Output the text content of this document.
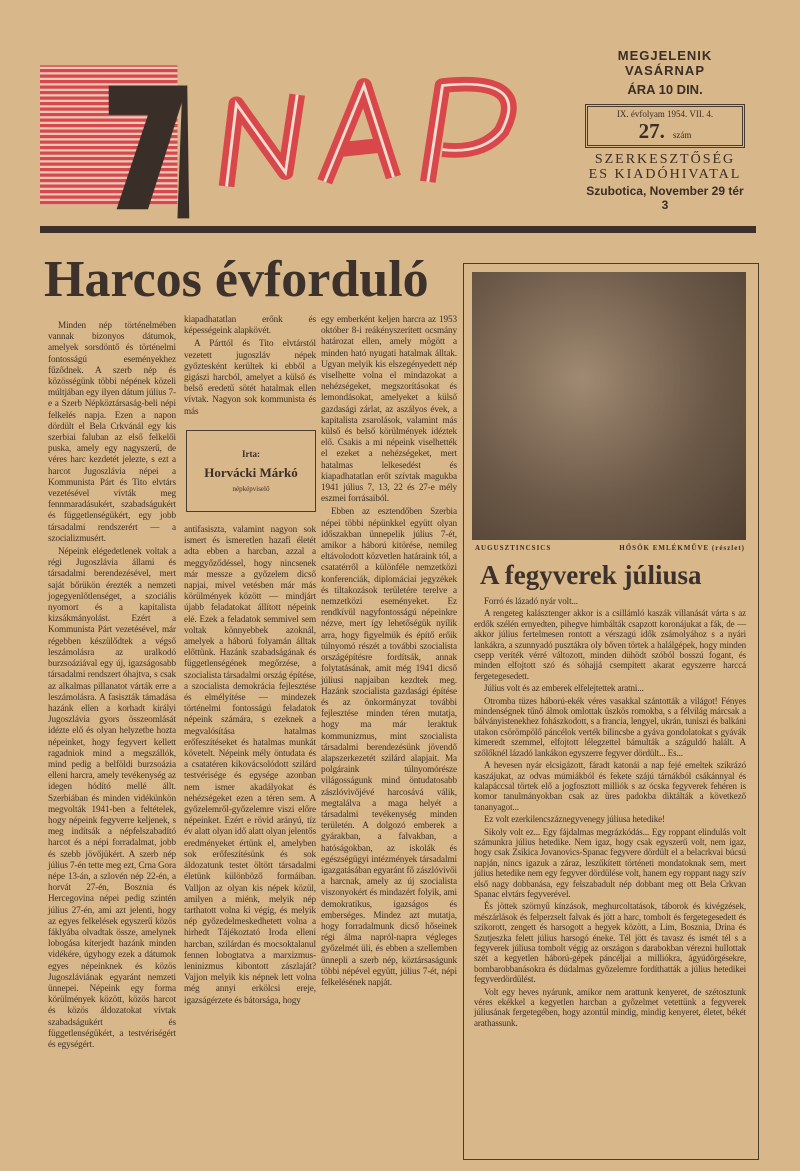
MEGJELENIK VASÁRNAP
ÁRA 10 DIN.
IX. évfolyam 1954. VII. 4.
27. szám
SZERKESZTŐSÉG
ES KIADÓHIVATAL
Szubotica, November 29 tér 3
Harcos évforduló

Minden nép történelmében vannak bizonyos dátumok, amelyek sorsdöntő és történelmi fontosságú eseményekhez fűződnek. A szerb nép és közösségünk többi népének közeli múltjában egy ilyen dátum július 7-e a Szerb Népköztársaság-beli népi felkelés napja. Ezen a napon dördült el Bela Crkvánál egy kis szerbiai faluban az első felkelői puska, amely egy nagyszerű, de véres harc kezdetét jelezte, s ezt a harcot Jugoszlávia népei a Kommunista Párt és Tito elvtárs vezetésével vívták meg fennmaradásukért, szabadságukért és függetlenségükért, egy jobb társadalmi rendszerért — a szocializmusért.

Népeink elégedetlenek voltak a régi Jugoszlávia állami és társadalmi berendezésével, mert saját bőrükön érezték a nemzeti jogegyenlőtlenséget, a szociális nyomort és a kapitalista kizsákmányolást. Ezért a Kommunista Párt vezetésével, már régebben készülődtek a végső leszámolásra az uralkodó burzsoáziával egy új, igazságosabb társadalmi rendszert óhajtva, s csak az alkalmas pillanatot várták erre a leszámolásra. A fasiszták támadása hazánk ellen a korhadt királyi Jugoszlávia gyors összeomlását idézte elő és olyan helyzetbe hozta népeinket, hogy fegyvert kellett ragadniok mind a megszállók, mind pedig a belföldi burzsoázia elleni harcra, amely tevékenység az idegen hódító mellé állt. Szerbiában és minden vidékünkön megvolták 1941-ben a feltételek, hogy népeink fegyverre keljenek, s meg indítsák a népfelszabadító harcot és a népi forradalmat, jobb és szebb jövőjükért. A szerb nép július 7-én tette meg ezt, Crna Gora népe 13-án, a szlovén nép 22-én, a horvát 27-én, Bosznia és Hercegovina népei pedig szintén július 27-én, ami azt jelenti, hogy az egyes felkelések egyszerű közös fáklyába olvadtak össze, amelynek lobogása kiterjedt hazánk minden vidékére, úgyhogy ezek a dátumok egyes népeinknek és közös Jugoszláviának egyaránt nemzeti ünnepei. Népeink egy forma körülmények között, közös harcot és közös áldozatokat vívtak szabadságukért és függetlenségükért, a testvériségért és egységért.

kiapadhatatlan erőnk és képességeink alapkövét.

A Párttól és Tito elvtárstól vezetett jugoszláv népek győztesként kerültek ki ebből a gigászi harcból, amelyet a külső és belső eredetű sötét hatalmak ellen vívtak. Nagyon sok kommunista és más

Irta:
Horvácki Márkó
népképviselő

antifasiszta, valamint nagyon sok ismert és ismeretlen hazafi életét adta ebben a harcban, azzal a meggyőződéssel, hogy nincsenek már messze a győzelem dicső napjai, mivel vetésben már más körülmények között — mindjárt újabb feladatokat állított népeink elé. Ezek a feladatok semmivel sem voltak könnyebbek azoknál, amelyek a háború folyamán álltak előttünk. Hazánk szabadságának és függetlenségének megőrzése, a szocialista társadalmi ország építése, a szocialista demokrácia fejlesztése és elmélyítése — mindezek történelmi fontosságú feladatok népeink számára, s ezeknek a megvalósítása hatalmas erőfeszítéseket és hatalmas munkát követelt. Népeink mély öntudata és a csatatéren kikovácsolódott szilárd testvérisége és egysége azonban nem ismer akadályokat és nehézségeket ezen a téren sem. A győzelemről-győzelemre viszi előre népeinket. Ezért e rövid arányú, tíz év alatt olyan idő alatt olyan jelentős eredményeket értünk el, amelyben sok erőfeszítésünk és sok áldozatunk testet öltött társadalmi életünk különböző formáiban. Valljon az olyan kis népek közül, amilyen a miénk, melyik nép tarthatott volna ki végig, és melyik nép győzedelmeskedhetett volna a hirhedt Tájékoztató Iroda elleni harcban, szilárdan és mocsoktalanul fennen lobogtatva a marxizmus-leninizmus kibontott zászlaját? Vajjon melyik kis népnek lett volna még annyi erkölcsi ereje, igazságérzete és bátorsága, hogy

egy emberként keljen harcra az 1953 október 8-i reákényszerített ocsmány határozat ellen, amely mögött a minden ható nyugati hatalmak álltak. Ugyan melyik kis elszegényedett nép viselhette volna el mindazokat a nehézségeket, megszorításokat és lemondásokat, amelyeket a külső gazdasági zárlat, az aszályos évek, a kapitalista zsarolások, valamint más külső és belső körülmények idéztek elő. Csakis a mi népeink viselhették el ezeket a nehézségeket, mert hatalmas lelkesedést és kiapadhatatlan erőt szívtak magukba 1941 július 7, 13, 22 és 27-e mély eszmei forrásaiból.

Ebben az esztendőben Szerbia népei többi népünkkel együtt olyan időszakban ünnepelik július 7-ét, amikor a háború kitörése, nemileg eltávolodott közvetlen határaink tól, a csatatérről a különféle nemzetközi konferenciák, diplomáciai jegyzékek és tiltakozások területére terelve a nemzetközi eseményeket. Ez rendkívül nagyfontosságú népeinkre nézve, mert így lehetőségük nyílik arra, hogy figyelmük és építő erőik túlnyomó részét a további szocialista országépítésre fordítsák, annak folytatásának, amit még 1941 dicső júliusi napjaiban kezdtek meg. Hazánk szocialista gazdasági építése és az önkormányzat további fejlesztése minden téren mutatja, hogy ma már leraktuk kommunizmus, mint szocialista társadalmi berendezésünk jövendő alapszerkezetét szilárd alapjait. Ma polgáraink túlnyomórésze világosságunk mind öntudatosabb zászlóvivőjévé harcosává válik, megtalálva a maga helyét a társadalmi tevékenység minden területén. A dolgozó emberek a gyárakban, a falvakban, a hatóságokban, az iskolák és egészségügyi intézmények társadalmi igazgatásában egyaránt fő zászlóvivői a harcnak, amely az új szocialista viszonyokért és mindazért folyik, ami demokratikus, igazságos és emberséges. Mindez azt mutatja, hogy forradalmunk dicső hőseinek régi álma napról-napra végleges győzelmét üli, és ebben a szellemben ünnepli a szerb nép, köztársaságunk többi népével együtt, július 7-ét, népi felkelésének napját.

AUGUSZTINCSICS	HŐSÖK EMLÉKMŰVE (részlet)
A fegyverek júliusa

Forró és lázadó nyár volt...

A rengeteg kalásztenger akkor is a csillámló kaszák villanását várta s az erdők szélén ernyedten, pihegve himbálták csapzott koronájukat a fák, de — akkor július fertelmesen rontott a vérszagú idők zsámolyához s a nyári lankákra, a szunnyadó pusztákra oly bőven törtek a halálgépek, hogy minden csepp veríték vérré változott, minden dühödt szóból bosszú fogant, és minden elfojtott szó és sóhajjá csempített akarat egyszerre harccá fergetegesedett.

Július volt és az emberek elfelejtettek aratni...

Otromba tüzes háború-ekék véres vasakkal szántották a világot! Fényes mindenségnek tűnő álmok omlottak üszkös romokba, s a félvilág márcsak a bálványistenekhez fohászkodott, s a francia, lengyel, ukrán, tuniszi és balkáni utakon csörömpölő páncélok verték bilincsbe a gyáva gondolatokat s gyávák kimeredt szemmel, elfojtott lélegzettel bámulták a száguldó halált. A szőlőknél lázadó lankákon egyszerre fegyver dördült... Es...

A hevesen nyár elcsigázott, fáradt katonái a nap fejé emeltek szikrázó kaszájukat, az odvas múmiákból és fekete szájú tárnákból csákánnyal és kalapáccsal törtek elő a jogfosztott milliók s az ócska fegyverek fehéren is komor tanulmányokban csak az üres padokba diktálták a következő tananyagot...

Ez volt ezerkilencszáznegyvenegy júliusa hetedike!

Sikoly volt ez... Egy fájdalmas megrázkódás... Egy roppant elindulás volt számunkra július hetedike. Nem igaz, hogy csak egyszerű volt, nem igaz, hogy csak Zsikica Jovanovics-Spanac fegyvere dördült el a belacrkvai búcsú napján, nincs igazuk a záraz, leszűkített történeti mondatoknak sem, mert július hetedike nem egy fegyver dördülése volt, hanem egy roppant nagy szív első nagy dobbanása, egy felszabadult nép dobbant meg ott Bela Crkvan Spanac elvtárs fegyverével.

És jöttek szörnyű kínzások, meghurcoltatások, táborok és kivégzések, mészárlások és felperzselt falvak és jött a harc, tombolt és fergetegesedett és szikorott, zengett és harsogott a hegyek között, a Lim, Bosznia, Drina és Szutjeszka felett július harsogó éneke. Tél jött és tavasz és ismét tél s a fegyverek júliusa tombolt végig az országon s darabokban vérezni hullottak szét a kegyetlen háború-gépek páncéljai a milliókra, ágyúdörgésekre, bombarobbanásokra és dúdalmas győzelemre fordíthatták a július hetedikei fegyverdördülést.

Volt egy heves nyárunk, amikor nem arattunk kenyeret, de szétosztunk véres ekékkel a kegyetlen harcban a győzelmet vetettünk a fegyverek júliusának fergetegében, hogy azontúl mindig, mindig kenyeret, életet, békét arathassunk.
